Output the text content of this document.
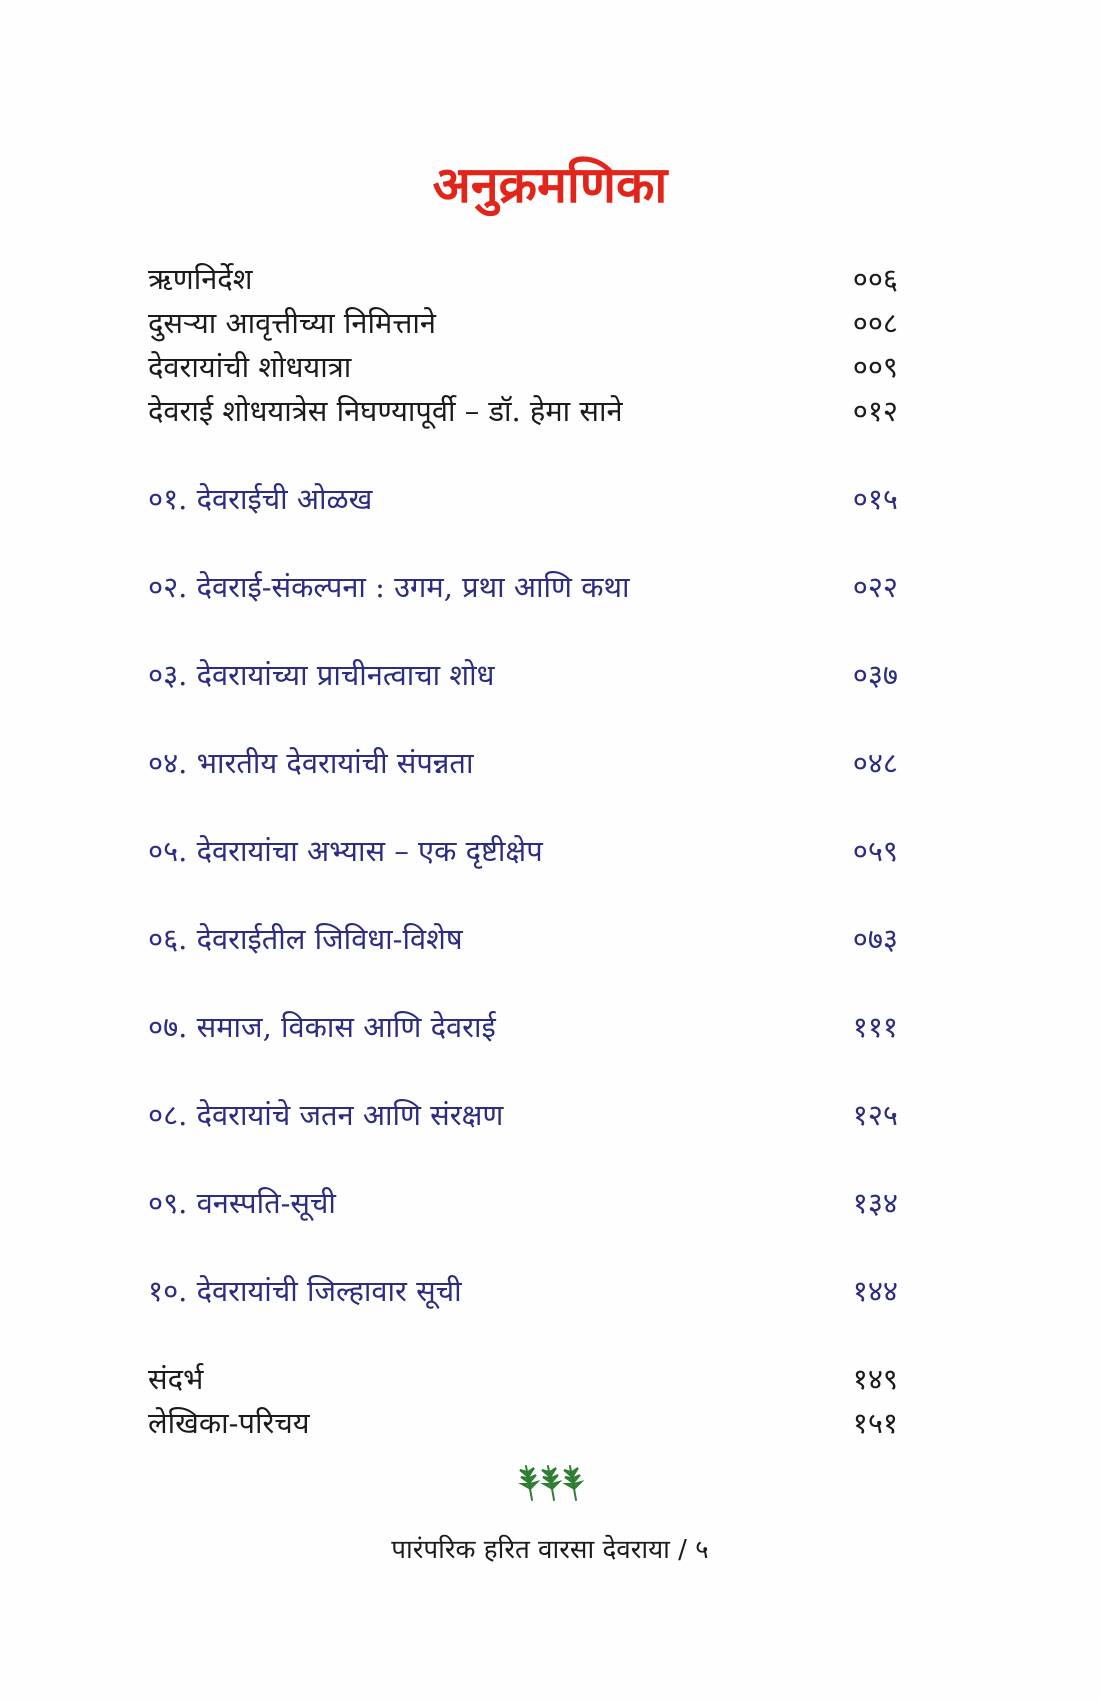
अनुक्रमणिका
ऋणनिर्देश	००६
दुसऱ्या आवृत्तीच्या निमित्ताने	००८
देवरायांची शोधयात्रा	००९
देवराई शोधयात्रेस निघण्यापूर्वी – डॉ. हेमा साने	०१२
०१. देवराईची ओळख	०१५
०२. देवराई-संकल्पना : उगम, प्रथा आणि कथा	०२२
०३. देवरायांच्या प्राचीनत्वाचा शोध	०३७
०४. भारतीय देवरायांची संपन्नता	०४८
०५. देवरायांचा अभ्यास – एक दृष्टीक्षेप	०५९
०६. देवराईतील जिविधा-विशेष	०७३
०७. समाज, विकास आणि देवराई	१११
०८. देवरायांचे जतन आणि संरक्षण	१२५
०९. वनस्पति-सूची	१३४
१०. देवरायांची जिल्हावार सूची	१४४
संदर्भ	१४९
लेखिका-परिचय	१५१
पारंपरिक हरित वारसा देवराया / ५
